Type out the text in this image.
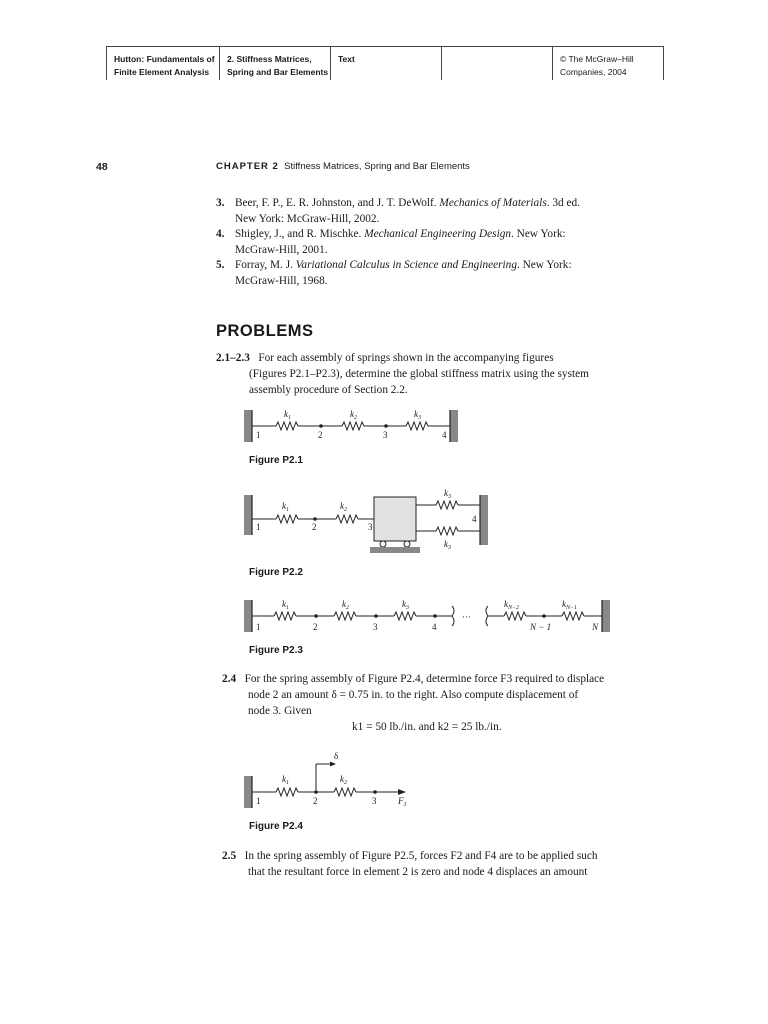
Hutton: Fundamentals of
Finite Element Analysis
2. Stiffness Matrices,
Spring and Bar Elements
Text	© The McGraw–Hill
Companies, 2004
48	CHAPTER 2 Stiffness Matrices, Spring and Bar Elements
3. Beer, F. P., E. R. Johnston, and J. T. DeWolf. Mechanics of Materials. 3d ed.
New York: McGraw-Hill, 2002.
4. Shigley, J., and R. Mischke. Mechanical Engineering Design. New York:
McGraw-Hill, 2001.
5. Forray, M. J. Variational Calculus in Science and Engineering. New York:
McGraw-Hill, 1968.
PROBLEMS
2.1–2.3 For each assembly of springs shown in the accompanying figures
(Figures P2.1–P2.3), determine the global stiffness matrix using the system
assembly procedure of Section 2.2.
$k_1$	$k_2$	$k_3$
1	2	3	4
Figure P2.1
$k_1$	$k_2$
$k_3$
$k_3$
1	2	3
4
Figure P2.2
···
$k_1$	$k_2$	$k_3$	$k_{N-2}$	$k_{N-1}$
1	2	3	4	N − 1	N
Figure P2.3
2.4 For the spring assembly of Figure P2.4, determine force F3 required to displace
node 2 an amount δ = 0.75 in. to the right. Also compute displacement of
node 3. Given
k1 = 50 lb./in. and k2 = 25 lb./in.
δ
$k_1$	$k_2$
1	2	3 $F_3$
Figure P2.4
2.5 In the spring assembly of Figure P2.5, forces F2 and F4 are to be applied such
that the resultant force in element 2 is zero and node 4 displaces an amount
